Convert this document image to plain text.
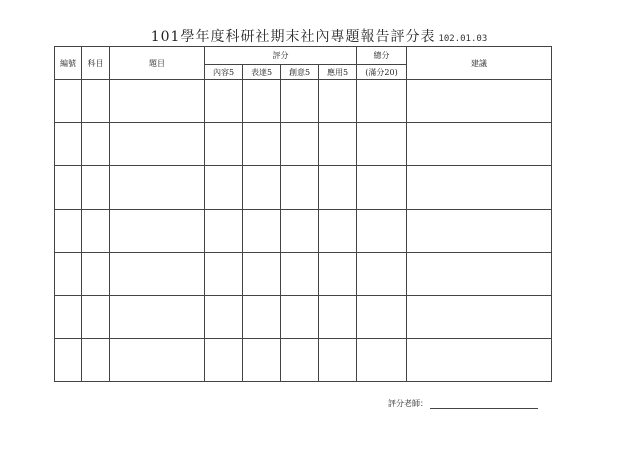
101學年度科研社期末社內專題報告評分表 102.01.03
編號	科目	題目	評分				總分	建議
			內容5	表達5	創意5	應用5	(滿分20)	

評分老師：
